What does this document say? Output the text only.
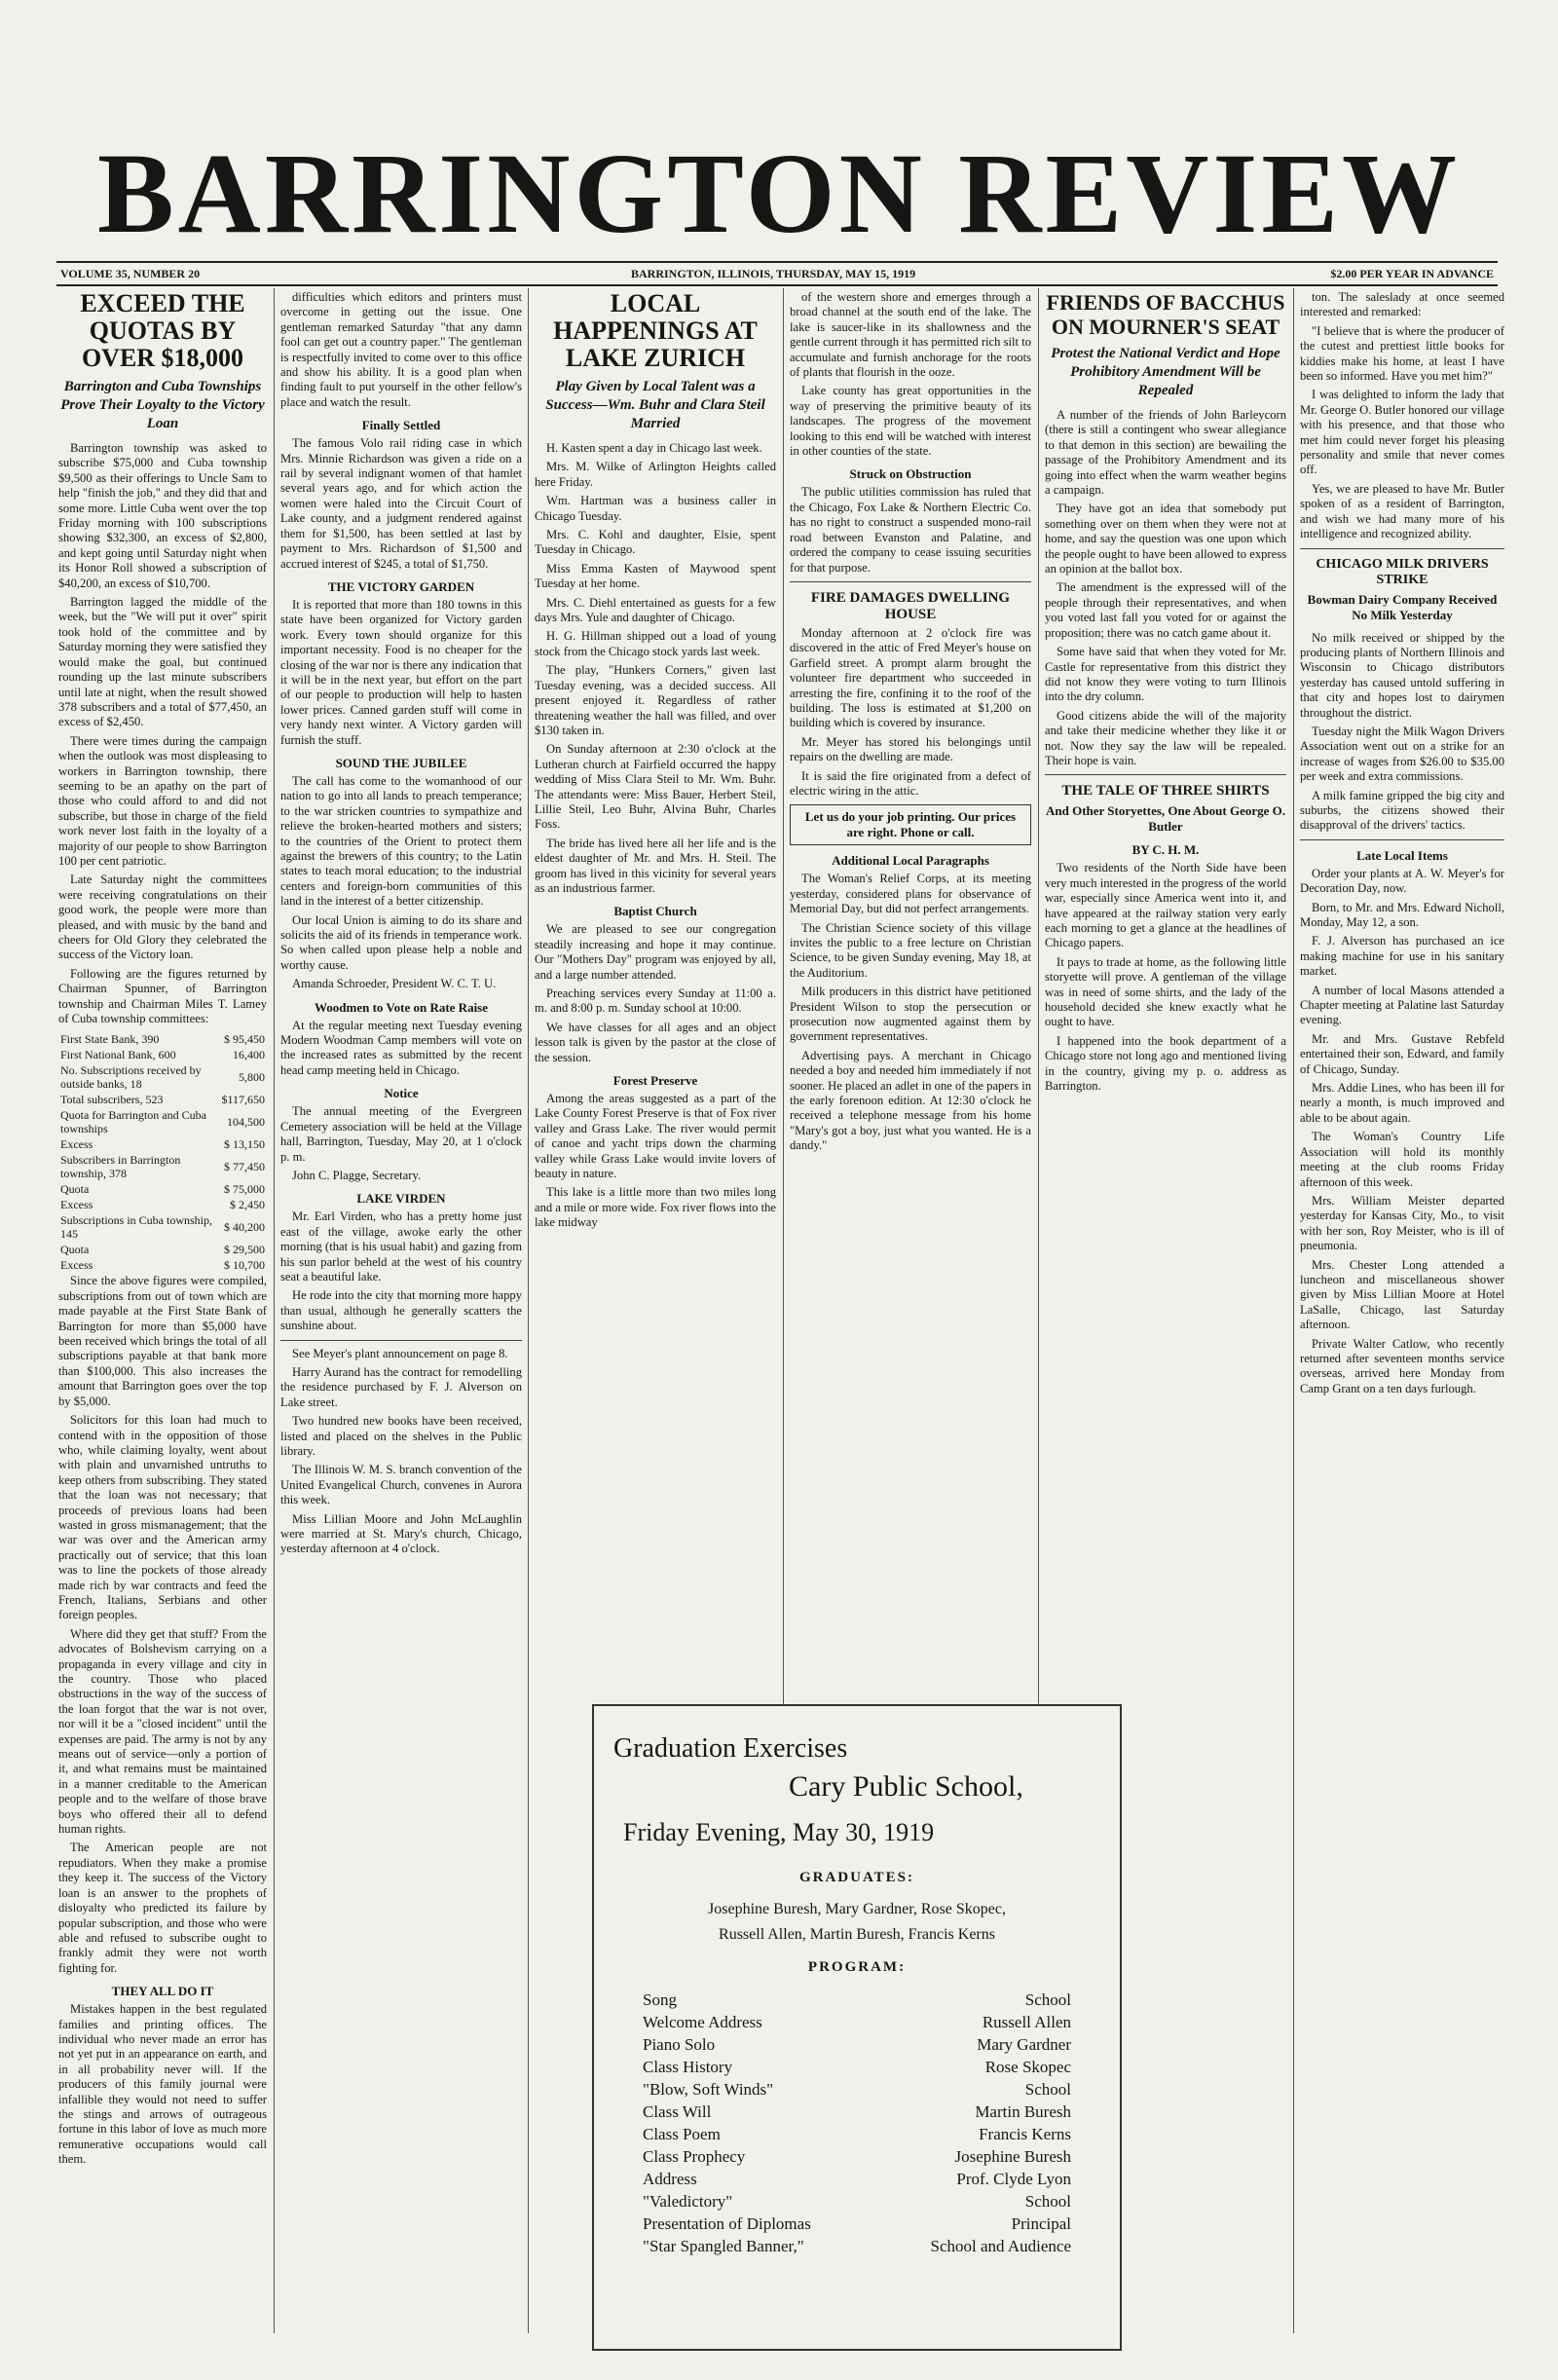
BARRINGTON REVIEW
VOLUME 35, NUMBER 20	BARRINGTON, ILLINOIS, THURSDAY, MAY 15, 1919	$2.00 PER YEAR IN ADVANCE
EXCEED THE QUOTAS BY OVER $18,000
Barrington and Cuba Townships Prove Their Loyalty to the Victory Loan

Barrington township was asked to subscribe $75,000 and Cuba township $9,500 as their offerings to Uncle Sam to help "finish the job," and they did that and some more. Little Cuba went over the top Friday morning with 100 subscriptions showing $32,300, an excess of $2,800, and kept going until Saturday night when its Honor Roll showed a subscription of $40,200, an excess of $10,700.

Barrington lagged the middle of the week, but the "We will put it over" spirit took hold of the committee and by Saturday morning they were satisfied they would make the goal, but continued rounding up the last minute subscribers until late at night, when the result showed 378 subscribers and a total of $77,450, an excess of $2,450.

There were times during the campaign when the outlook was most displeasing to workers in Barrington township, there seeming to be an apathy on the part of those who could afford to and did not subscribe, but those in charge of the field work never lost faith in the loyalty of a majority of our people to show Barrington 100 per cent patriotic.

Late Saturday night the committees were receiving congratulations on their good work, the people were more than pleased, and with music by the band and cheers for Old Glory they celebrated the success of the Victory loan.

Following are the figures returned by Chairman Spunner, of Barrington township and Chairman Miles T. Lamey of Cuba township committees:

First State Bank, 390	$ 95,450
First National Bank, 600	16,400
No. Subscriptions received by outside banks, 18	5,800
Total subscribers, 523	$117,650
Quota for Barrington and Cuba townships	104,500
Excess	$ 13,150
Subscribers in Barrington township, 378	$ 77,450
Quota	$ 75,000
Excess	$ 2,450
Subscriptions in Cuba township, 145	$ 40,200
Quota	$ 29,500
Excess	$ 10,700

Since the above figures were compiled, subscriptions from out of town which are made payable at the First State Bank of Barrington for more than $5,000 have been received which brings the total of all subscriptions payable at that bank more than $100,000. This also increases the amount that Barrington goes over the top by $5,000.

Solicitors for this loan had much to contend with in the opposition of those who, while claiming loyalty, went about with plain and unvarnished untruths to keep others from subscribing. They stated that the loan was not necessary; that proceeds of previous loans had been wasted in gross mismanagement; that the war was over and the American army practically out of service; that this loan was to line the pockets of those already made rich by war contracts and feed the French, Italians, Serbians and other foreign peoples.

Where did they get that stuff? From the advocates of Bolshevism carrying on a propaganda in every village and city in the country. Those who placed obstructions in the way of the success of the loan forgot that the war is not over, nor will it be a "closed incident" until the expenses are paid. The army is not by any means out of service—only a portion of it, and what remains must be maintained in a manner creditable to the American people and to the welfare of those brave boys who offered their all to defend human rights.

The American people are not repudiators. When they make a promise they keep it. The success of the Victory loan is an answer to the prophets of disloyalty who predicted its failure by popular subscription, and those who were able and refused to subscribe ought to frankly admit they were not worth fighting for.

THEY ALL DO IT

Mistakes happen in the best regulated families and printing offices. The individual who never made an error has not yet put in an appearance on earth, and in all probability never will. If the producers of this family journal were infallible they would not need to suffer the stings and arrows of outrageous fortune in this labor of love as much more remunerative occupations would call them.

difficulties which editors and printers must overcome in getting out the issue. One gentleman remarked Saturday "that any damn fool can get out a country paper." The gentleman is respectfully invited to come over to this office and show his ability. It is a good plan when finding fault to put yourself in the other fellow's place and watch the result.

Finally Settled

The famous Volo rail riding case in which Mrs. Minnie Richardson was given a ride on a rail by several indignant women of that hamlet several years ago, and for which action the women were haled into the Circuit Court of Lake county, and a judgment rendered against them for $1,500, has been settled at last by payment to Mrs. Richardson of $1,500 and accrued interest of $245, a total of $1,750.

THE VICTORY GARDEN

It is reported that more than 180 towns in this state have been organized for Victory garden work. Every town should organize for this important necessity. Food is no cheaper for the closing of the war nor is there any indication that it will be in the next year, but effort on the part of our people to production will help to hasten lower prices. Canned garden stuff will come in very handy next winter. A Victory garden will furnish the stuff.

SOUND THE JUBILEE

The call has come to the womanhood of our nation to go into all lands to preach temperance; to the war stricken countries to sympathize and relieve the broken-hearted mothers and sisters; to the countries of the Orient to protect them against the brewers of this country; to the Latin states to teach moral education; to the industrial centers and foreign-born communities of this land in the interest of a better citizenship.

Our local Union is aiming to do its share and solicits the aid of its friends in temperance work. So when called upon please help a noble and worthy cause.

Amanda Schroeder, President W. C. T. U.

Woodmen to Vote on Rate Raise

At the regular meeting next Tuesday evening Modern Woodman Camp members will vote on the increased rates as submitted by the recent head camp meeting held in Chicago.

Notice

The annual meeting of the Evergreen Cemetery association will be held at the Village hall, Barrington, Tuesday, May 20, at 1 o'clock p. m.

John C. Plagge, Secretary.

LAKE VIRDEN

Mr. Earl Virden, who has a pretty home just east of the village, awoke early the other morning (that is his usual habit) and gazing from his sun parlor beheld at the west of his country seat a beautiful lake.

He rode into the city that morning more happy than usual, although he generally scatters the sunshine about.

See Meyer's plant announcement on page 8.

Harry Aurand has the contract for remodelling the residence purchased by F. J. Alverson on Lake street.

Two hundred new books have been received, listed and placed on the shelves in the Public library.

The Illinois W. M. S. branch convention of the United Evangelical Church, convenes in Aurora this week.

Miss Lillian Moore and John McLaughlin were married at St. Mary's church, Chicago, yesterday afternoon at 4 o'clock.

LOCAL HAPPENINGS AT LAKE ZURICH
Play Given by Local Talent was a Success—Wm. Buhr and Clara Steil Married

H. Kasten spent a day in Chicago last week.

Mrs. M. Wilke of Arlington Heights called here Friday.

Wm. Hartman was a business caller in Chicago Tuesday.

Mrs. C. Kohl and daughter, Elsie, spent Tuesday in Chicago.

Miss Emma Kasten of Maywood spent Tuesday at her home.

Mrs. C. Diehl entertained as guests for a few days Mrs. Yule and daughter of Chicago.

H. G. Hillman shipped out a load of young stock from the Chicago stock yards last week.

The play, "Hunkers Corners," given last Tuesday evening, was a decided success. All present enjoyed it. Regardless of rather threatening weather the hall was filled, and over $130 taken in.

On Sunday afternoon at 2:30 o'clock at the Lutheran church at Fairfield occurred the happy wedding of Miss Clara Steil to Mr. Wm. Buhr. The attendants were: Miss Bauer, Herbert Steil, Lillie Steil, Leo Buhr, Alvina Buhr, Charles Foss.

The bride has lived here all her life and is the eldest daughter of Mr. and Mrs. H. Steil. The groom has lived in this vicinity for several years as an industrious farmer.

Baptist Church

We are pleased to see our congregation steadily increasing and hope it may continue. Our "Mothers Day" program was enjoyed by all, and a large number attended.

Preaching services every Sunday at 11:00 a. m. and 8:00 p. m. Sunday school at 10:00.

We have classes for all ages and an object lesson talk is given by the pastor at the close of the session.

Forest Preserve

Among the areas suggested as a part of the Lake County Forest Preserve is that of Fox river valley and Grass Lake. The river would permit of canoe and yacht trips down the charming valley while Grass Lake would invite lovers of beauty in nature.

This lake is a little more than two miles long and a mile or more wide. Fox river flows into the lake midway

of the western shore and emerges through a broad channel at the south end of the lake. The lake is saucer-like in its shallowness and the gentle current through it has permitted rich silt to accumulate and furnish anchorage for the roots of plants that flourish in the ooze.

Lake county has great opportunities in the way of preserving the primitive beauty of its landscapes. The progress of the movement looking to this end will be watched with interest in other counties of the state.

Struck on Obstruction

The public utilities commission has ruled that the Chicago, Fox Lake & Northern Electric Co. has no right to construct a suspended mono-rail road between Evanston and Palatine, and ordered the company to cease issuing securities for that purpose.

FIRE DAMAGES DWELLING HOUSE

Monday afternoon at 2 o'clock fire was discovered in the attic of Fred Meyer's house on Garfield street. A prompt alarm brought the volunteer fire department who succeeded in arresting the fire, confining it to the roof of the building. The loss is estimated at $1,200 on building which is covered by insurance.

Mr. Meyer has stored his belongings until repairs on the dwelling are made.

It is said the fire originated from a defect of electric wiring in the attic.

Let us do your job printing. Our prices are right. Phone or call.
Additional Local Paragraphs

The Woman's Relief Corps, at its meeting yesterday, considered plans for observance of Memorial Day, but did not perfect arrangements.

The Christian Science society of this village invites the public to a free lecture on Christian Science, to be given Sunday evening, May 18, at the Auditorium.

Milk producers in this district have petitioned President Wilson to stop the persecution or prosecution now augmented against them by government representatives.

Advertising pays. A merchant in Chicago needed a boy and needed him immediately if not sooner. He placed an adlet in one of the papers in the early forenoon edition. At 12:30 o'clock he received a telephone message from his home "Mary's got a boy, just what you wanted. He is a dandy."

FRIENDS OF BACCHUS ON MOURNER'S SEAT
Protest the National Verdict and Hope Prohibitory Amendment Will be Repealed

A number of the friends of John Barleycorn (there is still a contingent who swear allegiance to that demon in this section) are bewailing the passage of the Prohibitory Amendment and its going into effect when the warm weather begins a campaign.

They have got an idea that somebody put something over on them when they were not at home, and say the question was one upon which the people ought to have been allowed to express an opinion at the ballot box.

The amendment is the expressed will of the people through their representatives, and when you voted last fall you voted for or against the proposition; there was no catch game about it.

Some have said that when they voted for Mr. Castle for representative from this district they did not know they were voting to turn Illinois into the dry column.

Good citizens abide the will of the majority and take their medicine whether they like it or not. Now they say the law will be repealed. Their hope is vain.

THE TALE OF THREE SHIRTS
And Other Storyettes, One About George O. Butler
BY C. H. M.

Two residents of the North Side have been very much interested in the progress of the world war, especially since America went into it, and have appeared at the railway station very early each morning to get a glance at the headlines of Chicago papers.

It pays to trade at home, as the following little storyette will prove. A gentleman of the village was in need of some shirts, and the lady of the household decided she knew exactly what he ought to have.

I happened into the book department of a Chicago store not long ago and mentioned living in the country, giving my p. o. address as Barrington.

ton. The saleslady at once seemed interested and remarked:

"I believe that is where the producer of the cutest and prettiest little books for kiddies make his home, at least I have been so informed. Have you met him?"

I was delighted to inform the lady that Mr. George O. Butler honored our village with his presence, and that those who met him could never forget his pleasing personality and smile that never comes off.

Yes, we are pleased to have Mr. Butler spoken of as a resident of Barrington, and wish we had many more of his intelligence and recognized ability.

CHICAGO MILK DRIVERS STRIKE
Bowman Dairy Company Received No Milk Yesterday

No milk received or shipped by the producing plants of Northern Illinois and Wisconsin to Chicago distributors yesterday has caused untold suffering in that city and hopes lost to dairymen throughout the district.

Tuesday night the Milk Wagon Drivers Association went out on a strike for an increase of wages from $26.00 to $35.00 per week and extra commissions.

A milk famine gripped the big city and suburbs, the citizens showed their disapproval of the drivers' tactics.

Late Local Items

Order your plants at A. W. Meyer's for Decoration Day, now.

Born, to Mr. and Mrs. Edward Nicholl, Monday, May 12, a son.

F. J. Alverson has purchased an ice making machine for use in his sanitary market.

A number of local Masons attended a Chapter meeting at Palatine last Saturday evening.

Mr. and Mrs. Gustave Rebfeld entertained their son, Edward, and family of Chicago, Sunday.

Mrs. Addie Lines, who has been ill for nearly a month, is much improved and able to be about again.

The Woman's Country Life Association will hold its monthly meeting at the club rooms Friday afternoon of this week.

Mrs. William Meister departed yesterday for Kansas City, Mo., to visit with her son, Roy Meister, who is ill of pneumonia.

Mrs. Chester Long attended a luncheon and miscellaneous shower given by Miss Lillian Moore at Hotel LaSalle, Chicago, last Saturday afternoon.

Private Walter Catlow, who recently returned after seventeen months service overseas, arrived here Monday from Camp Grant on a ten days furlough.

Graduation Exercises
Cary Public School,
Friday Evening, May 30, 1919
GRADUATES:
Josephine Buresh, Mary Gardner, Rose Skopec,
Russell Allen, Martin Buresh, Francis Kerns
PROGRAM:
Song	School
Welcome Address	Russell Allen
Piano Solo	Mary Gardner
Class History	Rose Skopec
"Blow, Soft Winds"	School
Class Will	Martin Buresh
Class Poem	Francis Kerns
Class Prophecy	Josephine Buresh
Address	Prof. Clyde Lyon
"Valedictory"	School
Presentation of Diplomas	Principal
"Star Spangled Banner,"	School and Audience
